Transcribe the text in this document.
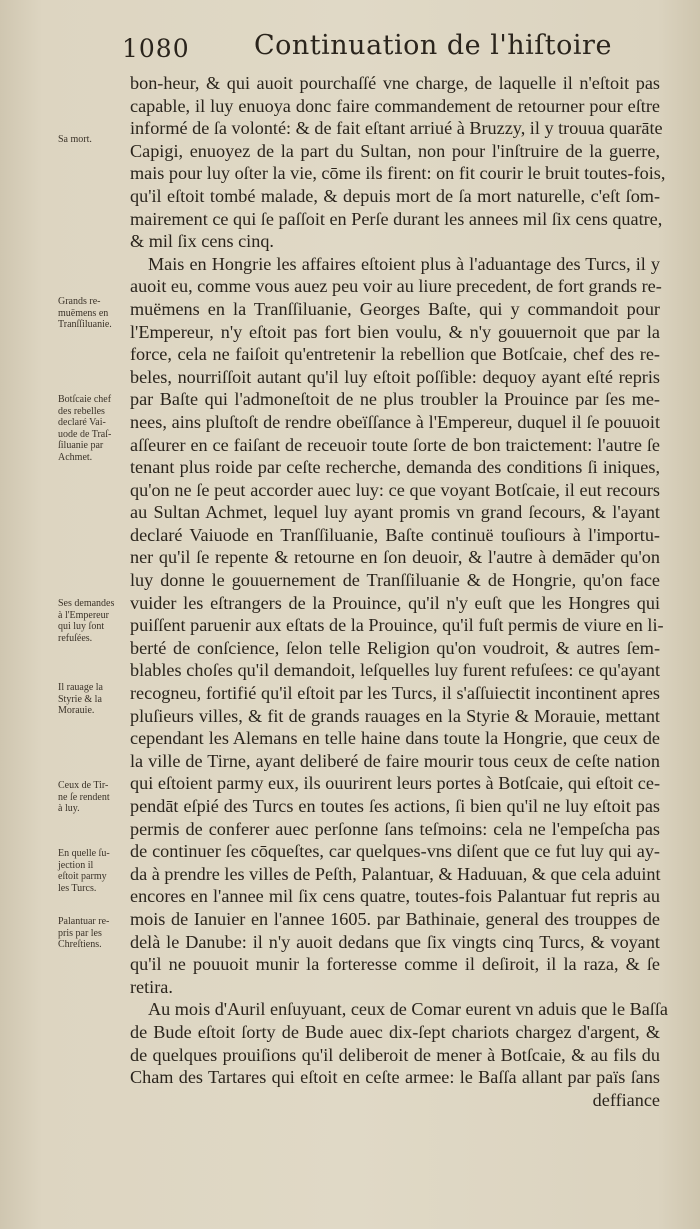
1080 Continuation de l'hiſtoire
bon-heur, & qui auoit pourchaſſé vne charge, de laquelle il n'eſtoit pas
capable, il luy enuoya donc faire commandement de retourner pour eſtre
informé de ſa volonté: & de fait eſtant arriué à Bruzzy, il y trouua quarāte
Capigi, enuoyez de la part du Sultan, non pour l'inſtruire de la guerre,
mais pour luy oſter la vie, cōme ils firent: on fit courir le bruit toutes-fois,
qu'il eſtoit tombé malade, & depuis mort de ſa mort naturelle, c'eſt ſom-
mairement ce qui ſe paſſoit en Perſe durant les annees mil ſix cens quatre,
& mil ſix cens cinq.
Mais en Hongrie les affaires eſtoient plus à l'aduantage des Turcs, il y
auoit eu, comme vous auez peu voir au liure precedent, de fort grands re-
muëmens en la Tranſſiluanie, Georges Baſte, qui y commandoit pour
l'Empereur, n'y eſtoit pas fort bien voulu, & n'y gouuernoit que par la
force, cela ne faiſoit qu'entretenir la rebellion que Botſcaie, chef des re-
beles, nourriſſoit autant qu'il luy eſtoit poſſible: dequoy ayant eſté repris
par Baſte qui l'admoneſtoit de ne plus troubler la Prouince par ſes me-
nees, ains pluſtoſt de rendre obeïſſance à l'Empereur, duquel il ſe pouuoit
aſſeurer en ce faiſant de receuoir toute ſorte de bon traictement: l'autre ſe
tenant plus roide par ceſte recherche, demanda des conditions ſi iniques,
qu'on ne ſe peut accorder auec luy: ce que voyant Botſcaie, il eut recours
au Sultan Achmet, lequel luy ayant promis vn grand ſecours, & l'ayant
declaré Vaiuode en Tranſſiluanie, Baſte continuë touſiours à l'importu-
ner qu'il ſe repente & retourne en ſon deuoir, & l'autre à demāder qu'on
luy donne le gouuernement de Tranſſiluanie & de Hongrie, qu'on face
vuider les eſtrangers de la Prouince, qu'il n'y euſt que les Hongres qui
puiſſent paruenir aux eſtats de la Prouince, qu'il fuſt permis de viure en li-
berté de conſcience, ſelon telle Religion qu'on voudroit, & autres ſem-
blables choſes qu'il demandoit, leſquelles luy furent refuſees: ce qu'ayant
recogneu, fortifié qu'il eſtoit par les Turcs, il s'aſſuiectit incontinent apres
pluſieurs villes, & fit de grands rauages en la Styrie & Morauie, mettant
cependant les Alemans en telle haine dans toute la Hongrie, que ceux de
la ville de Tirne, ayant deliberé de faire mourir tous ceux de ceſte nation
qui eſtoient parmy eux, ils ouurirent leurs portes à Botſcaie, qui eſtoit ce-
pendāt eſpié des Turcs en toutes ſes actions, ſi bien qu'il ne luy eſtoit pas
permis de conferer auec perſonne ſans teſmoins: cela ne l'empeſcha pas
de continuer ſes cōqueſtes, car quelques-vns diſent que ce fut luy qui ay-
da à prendre les villes de Peſth, Palantuar, & Haduuan, & que cela aduint
encores en l'annee mil ſix cens quatre, toutes-fois Palantuar fut repris au
mois de Ianuier en l'annee 1605. par Bathinaie, general des trouppes de
delà le Danube: il n'y auoit dedans que ſix vingts cinq Turcs, & voyant
qu'il ne pouuoit munir la forteresse comme il deſiroit, il la raza, & ſe
retira.
Au mois d'Auril enſuyuant, ceux de Comar eurent vn aduis que le Baſſa
de Bude eſtoit ſorty de Bude auec dix-ſept chariots chargez d'argent, &
de quelques prouiſions qu'il deliberoit de mener à Botſcaie, & au fils du
Cham des Tartares qui eſtoit en ceſte armee: le Baſſa allant par païs ſans
deffiance
Sa mort.
Grands re-
muëmens en
Tranſſiluanie.
Botſcaie chef
des rebelles
declaré Vai-
uode de Traſ-
ſiluanie par
Achmet.
Ses demandes
à l'Empereur
qui luy ſont
refuſées.
Il rauage la
Styrie & la
Morauie.
Ceux de Tir-
ne ſe rendent
à luy.
En quelle ſu-
jection il
eſtoit parmy
les Turcs.
Palantuar re-
pris par les
Chreſtiens.
